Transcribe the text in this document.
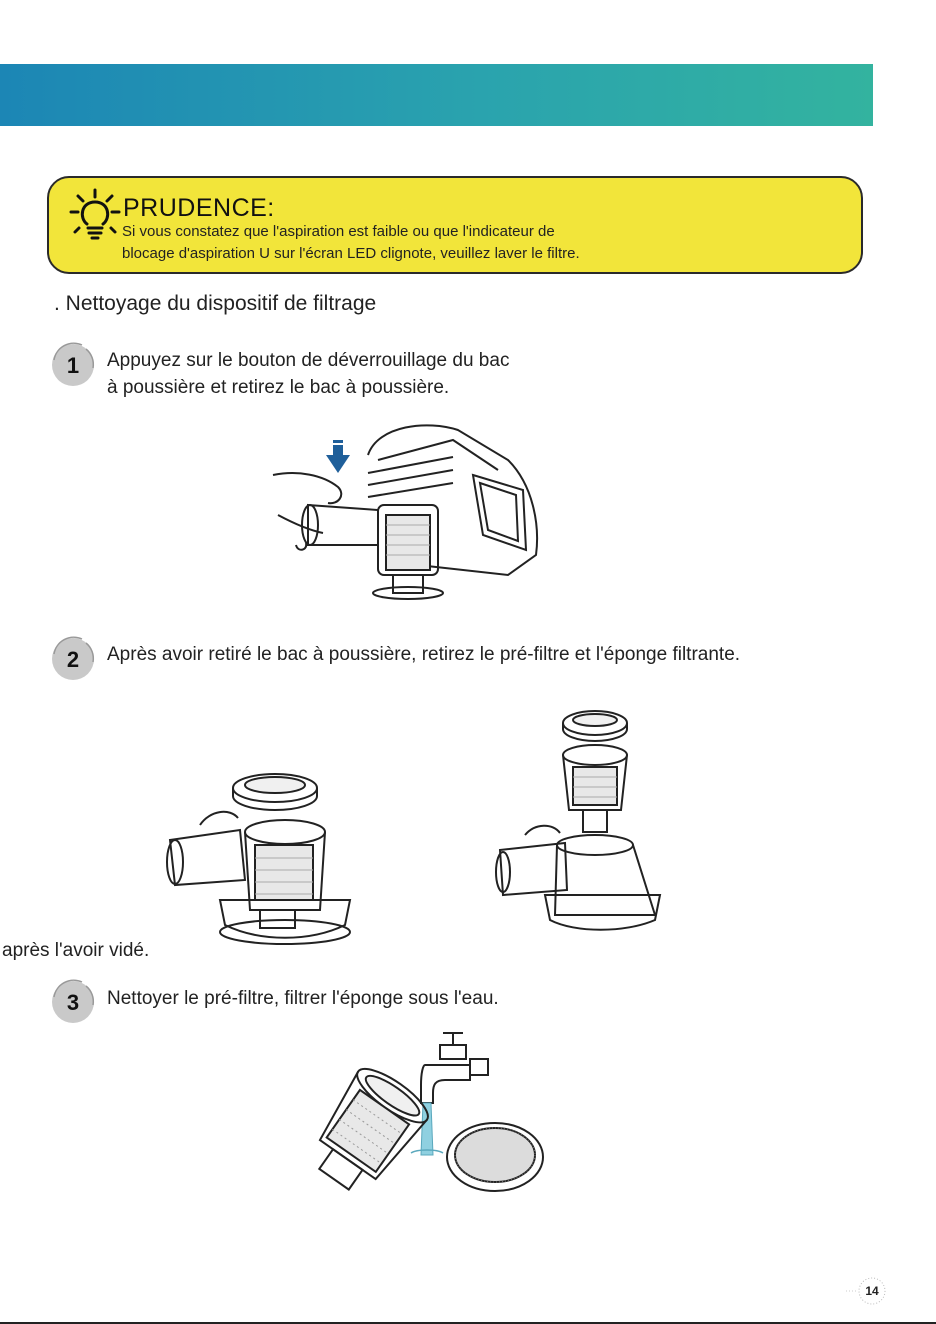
PRUDENCE:
Si vous constatez que l'aspiration est faible ou que l'indicateur de
blocage d'aspiration U sur l'écran LED clignote, veuillez laver le filtre.
. Nettoyage du dispositif de filtrage
1 Appuyez sur le bouton de déverrouillage du bac
à poussière et retirez le bac à poussière.
2 Après avoir retiré le bac à poussière, retirez le pré-filtre et l'éponge filtrante.
après l'avoir vidé.
3 Nettoyer le pré-filtre, filtrer l'éponge sous l'eau.
14
